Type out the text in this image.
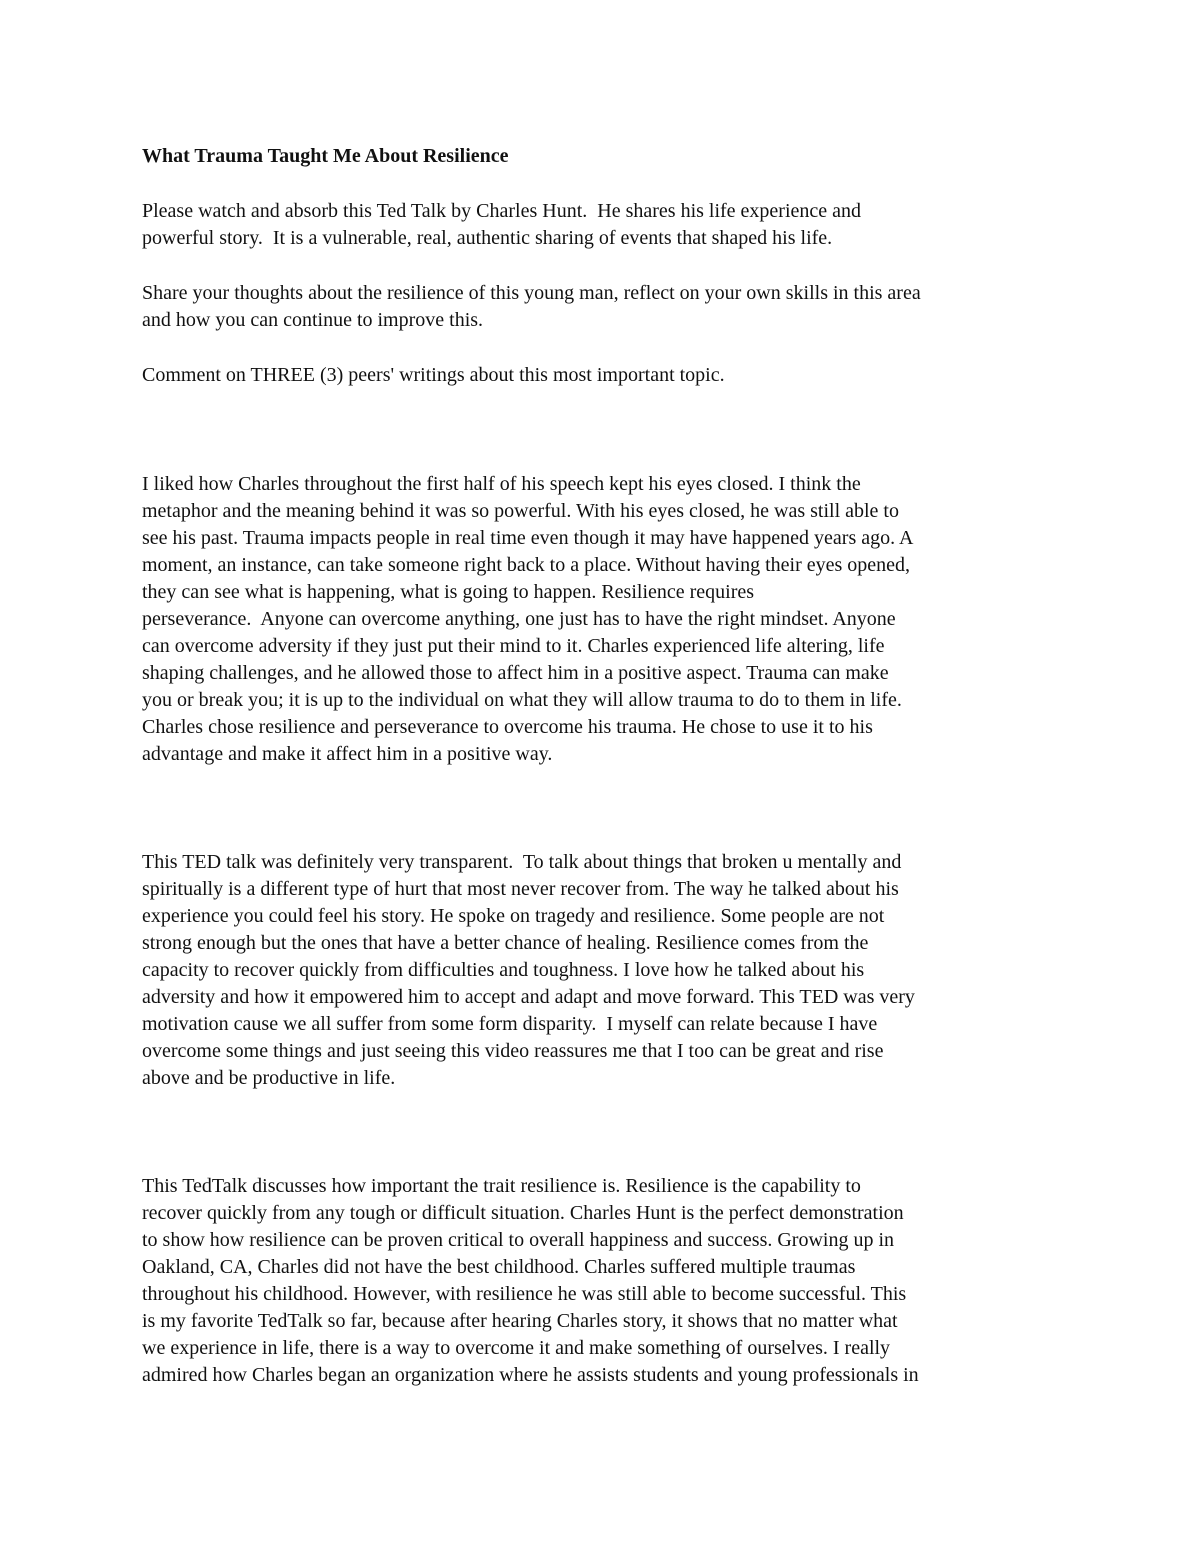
What Trauma Taught Me About Resilience
Please watch and absorb this Ted Talk by Charles Hunt.  He shares his life experience and
powerful story.  It is a vulnerable, real, authentic sharing of events that shaped his life.
Share your thoughts about the resilience of this young man, reflect on your own skills in this area
and how you can continue to improve this.
Comment on THREE (3) peers' writings about this most important topic.
I liked how Charles throughout the first half of his speech kept his eyes closed. I think the
metaphor and the meaning behind it was so powerful. With his eyes closed, he was still able to
see his past. Trauma impacts people in real time even though it may have happened years ago. A
moment, an instance, can take someone right back to a place. Without having their eyes opened,
they can see what is happening, what is going to happen. Resilience requires
perseverance.  Anyone can overcome anything, one just has to have the right mindset. Anyone
can overcome adversity if they just put their mind to it. Charles experienced life altering, life
shaping challenges, and he allowed those to affect him in a positive aspect. Trauma can make
you or break you; it is up to the individual on what they will allow trauma to do to them in life.
Charles chose resilience and perseverance to overcome his trauma. He chose to use it to his
advantage and make it affect him in a positive way.
This TED talk was definitely very transparent.  To talk about things that broken u mentally and
spiritually is a different type of hurt that most never recover from. The way he talked about his
experience you could feel his story. He spoke on tragedy and resilience. Some people are not
strong enough but the ones that have a better chance of healing. Resilience comes from the
capacity to recover quickly from difficulties and toughness. I love how he talked about his
adversity and how it empowered him to accept and adapt and move forward. This TED was very
motivation cause we all suffer from some form disparity.  I myself can relate because I have
overcome some things and just seeing this video reassures me that I too can be great and rise
above and be productive in life.
This TedTalk discusses how important the trait resilience is. Resilience is the capability to
recover quickly from any tough or difficult situation. Charles Hunt is the perfect demonstration
to show how resilience can be proven critical to overall happiness and success. Growing up in
Oakland, CA, Charles did not have the best childhood. Charles suffered multiple traumas
throughout his childhood. However, with resilience he was still able to become successful. This
is my favorite TedTalk so far, because after hearing Charles story, it shows that no matter what
we experience in life, there is a way to overcome it and make something of ourselves. I really
admired how Charles began an organization where he assists students and young professionals in
